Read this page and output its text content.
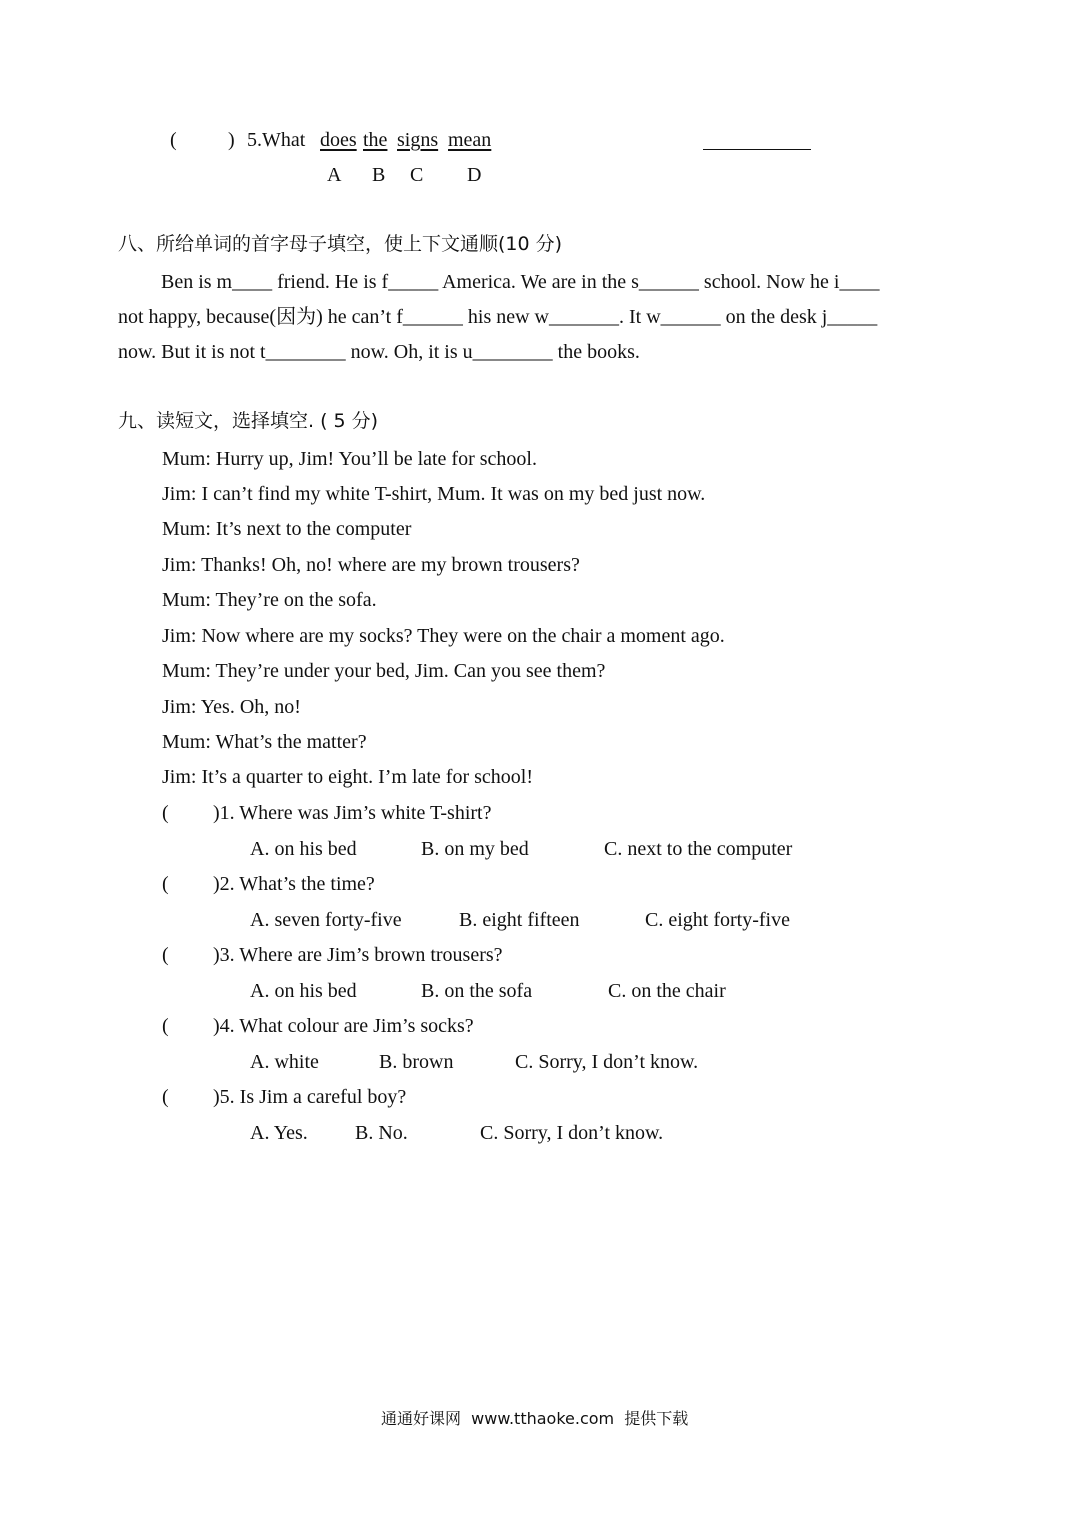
(	) 5.What does the signs mean
A B C D
八、所给单词的首字母子填空，使上下文通顺(10 分)
Ben is m____ friend. He is f_____ America. We are in the s______ school. Now he i____
not happy, because(因为) he can’t f______ his new w_______. It w______ on the desk j_____
now. But it is not t________ now. Oh, it is u________ the books.
九、读短文，选择填空. ( 5 分)
Mum: Hurry up, Jim! You’ll be late for school.
Jim: I can’t find my white T-shirt, Mum. It was on my bed just now.
Mum: It’s next to the computer
Jim: Thanks! Oh, no! where are my brown trousers?
Mum: They’re on the sofa.
Jim: Now where are my socks? They were on the chair a moment ago.
Mum: They’re under your bed, Jim. Can you see them?
Jim: Yes. Oh, no!
Mum: What’s the matter?
Jim: It’s a quarter to eight. I’m late for school!
( )1. Where was Jim’s white T-shirt?
A. on his bed	B. on my bed	C. next to the computer
( )2. What’s the time?
A. seven forty-five	B. eight fifteen	C. eight forty-five
( )3. Where are Jim’s brown trousers?
A. on his bed	B. on the sofa	C. on the chair
( )4. What colour are Jim’s socks?
A. white	B. brown	C. Sorry, I don’t know.
( )5. Is Jim a careful boy?
A. Yes. B. No.	C. Sorry, I don’t know.
通通好课网  www.tthaoke.com  提供下载
